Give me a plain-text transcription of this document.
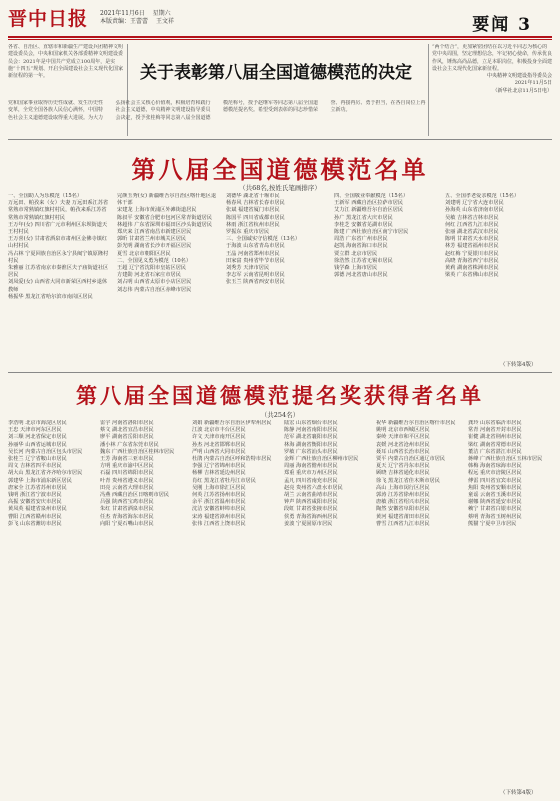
晋中日报 2021年11月6日 星期六
本版责编：王蕾蕾 王文祥	要闻 3
各省、自治区、直辖市和新疆生产建设兵团精神文明建设委员会，中央和国家机关各部委精神文明建设委员会：2021年是中国共产党成立100周年，是实施“十四五”规划、开启全面建设社会主义现代化国家新征程的第一年。	关于表彰第八届全国道德模范的决定
“两个结合”，更加紧密团结在以习近平同志为核心的党中央周围，坚定理想信念，牢记初心使命，传承优良作风，锤炼高尚品德，立足本职岗位，积极投身全面建设社会主义现代化国家新征程。
中央精神文明建设指导委员会
2021年11月5日
（新华社北京11月5日电）
党和国家事业取得历史性成就、发生历史性变革，全党全国各族人民信心满怀，中国特色社会主义道德建设取得重大进展。为大力弘扬社会主义核心价值观，积极培育和践行社会主义道德，中央精神文明建设指导委员会决定，授予张桂梅等同志第八届全国道德模范称号，授予赵继军等同志第八届全国道德模范提名奖。希望受到表彰的同志珍惜荣誉、再接再厉、勇于担当，在各自岗位上再立新功。
第八届全国道德模范名单
（共68名,按姓氏笔画排序）
一、全国助人为乐模范（15名）
万远田、帕孜来（女）夫妻 万远田系江苏省常熟市常熟镇红旗村村民，帕孜来系江苏省常熟市常熟镇红旗村村民
王万年(女) 四川省广元市利州区东坝街道天王村村民
王万喜(女) 甘肃省酒泉市肃州区金佛寺镇红山村村民
冯占林 宁夏回族自治区永宁县闽宁镇原隆村村民
朱雅丽 江苏省南京市秦淮区夫子庙街道社区居民
刘凤爱(女) 山西省大同市新荣区西村乡退休教师
杨振华 黑龙江省哈尔滨市南岗区居民
完颜玉秀(女) 新疆维吾尔自治区喀什地区退休干部
宋建龙 上海市黄浦区外滩街道居民
陈叔平 安徽省合肥市包河区常青街道居民
林超伟 广东省深圳市福田区沙头街道居民
郑庆来 江西省南昌市新建区居民
郭昕 甘肃省兰州市城关区居民
彭光明 湖南省长沙市开福区居民
夏雪 北京市朝阳区居民
二、全国见义勇为模范（10名）
王超 辽宁省沈阳市皇姑区居民
方建勋 河北省石家庄市居民
刘占明 山西省太原市小店区居民
刘志伟 内蒙古自治区赤峰市居民
刘德华 湖北省十堰市民
杨春风 吉林省长春市居民
张斌 福建省厦门市居民
陈国平 四川省成都市居民
林雨 浙江省杭州市居民
罗振东 重庆市居民
三、全国诚实守信模范（13名）
于海波 山东省青岛市居民
王晶 河南省郑州市居民
田家富 贵州省毕节市居民
刘秀芳 天津市居民
李志军 云南省昆明市居民
张玉兰 陕西省西安市居民
四、全国敬业奉献模范（15名）
王新军 西藏自治区拉萨市居民
艾力江 新疆维吾尔自治区居民
孙广 黑龙江省大庆市居民
李桂芝 安徽省芜湖市居民
陈建 广西壮族自治区南宁市居民
周浩 广东省广州市居民
赵凯 海南省海口市居民
贾立群 北京市居民
徐浩然 江苏省无锡市居民
钱学森 上海市居民
郭德 河北省唐山市居民
五、全国孝老爱亲模范（15名）
刘建明 辽宁省大连市居民
孙海英 山东省济南市居民
吴敏 吉林省吉林市居民
何红 江西省九江市居民
张丽 湖北省武汉市居民
陈明 甘肃省天水市居民
林芳 福建省福州市居民
赵红梅 宁夏银川市居民
高晓 青海省西宁市居民
黄莉 湖南省株洲市居民
梁英 广东省佛山市居民
（下转第4版）
第八届全国道德模范提名奖获得者名单
（共254名）
李浩明 北京市海淀区居民
王忠 天津市河东区居民
刘三顺 河北省保定市居民
孙丽华 山西省运城市居民
吴长河 内蒙古自治区包头市居民
张桂兰 辽宁省鞍山市居民
周文 吉林省四平市居民
胡大山 黑龙江省齐齐哈尔市居民
郭建华 上海市浦东新区居民
唐家全 江苏省苏州市居民
钱明 浙江省宁波市居民
高振 安徽省安庆市居民
黄凤英 福建省泉州市居民
曹阳 江西省赣州市居民
彭飞 山东省潍坊市居民
雷宇 河南省洛阳市居民
蔡文 湖北省宜昌市居民
廖平 湖南省岳阳市居民
潘小林 广东省东莞市居民
魏东 广西壮族自治区桂林市居民
王芳 海南省三亚市居民
方明 重庆市渝中区居民
石磊 四川省绵阳市居民
叶青 贵州省遵义市居民
田亮 云南省大理市居民
冯燕 西藏自治区日喀则市居民
吕强 陕西省宝鸡市居民
朱红 甘肃省酒泉市居民
任杰 青海省海东市居民
向阳 宁夏石嘴山市居民
刘娟 新疆维吾尔自治区伊犁州居民
江波 北京市丰台区居民
许文 天津市南开区居民
孙杰 河北省邯郸市居民
严明 山西省大同市居民
杜鹃 内蒙古自治区呼和浩特市居民
李强 辽宁省锦州市居民
杨柳 吉林省延边州居民
肖红 黑龙江省牡丹江市居民
吴刚 上海市徐汇区居民
何英 江苏省扬州市居民
余平 浙江省温州市居民
沈洁 安徽省蚌埠市居民
宋涛 福建省漳州市居民
张伟 江西省上饶市居民
陆宏 山东省烟台市居民
陈静 河南省南阳市居民
范军 湖北省襄阳市居民
林海 湖南省衡阳市居民
罗敏 广东省汕头市居民
金辉 广西壮族自治区柳州市居民
周丽 海南省儋州市居民
郑重 重庆市万州区居民
孟凡 四川省南充市居民
赵亮 贵州省六盘水市居民
胡兰 云南省曲靖市居民
钟声 陕西省咸阳市居民
段虹 甘肃省张掖市居民
侯勇 青海省海西州居民
姜波 宁夏固原市居民
祝华 新疆维吾尔自治区喀什市居民
姚明 北京市西城区居民
秦岭 天津市和平区居民
袁媛 河北省沧州市居民
聂耳 山西省长治市居民
贾平 内蒙古自治区通辽市居民
夏天 辽宁省丹东市居民
顾晓 吉林省通化市居民
徐飞 黑龙江省佳木斯市居民
高山 上海市闵行区居民
郭涛 江苏省徐州市居民
唐敏 浙江省绍兴市居民
陶然 安徽省阜阳市居民
黄河 福建省莆田市居民
曹雪 江西省九江市居民
龚玲 山东省临沂市居民
常青 河南省开封市居民
崔健 湖北省荆州市居民
梁红 湖南省常德市居民
董洁 广东省湛江市居民
蒋峰 广西壮族自治区玉林市居民
韩梅 海南省琼海市居民
程远 重庆市涪陵区居民
傅雷 四川省宜宾市居民
焦阳 贵州省安顺市居民
童谣 云南省玉溪市居民
谢娜 陕西省延安市居民
赖宁 甘肃省白银市居民
蔡明 青海省玉树州居民
熊猫 宁夏中卫市居民
（下转第4版）
